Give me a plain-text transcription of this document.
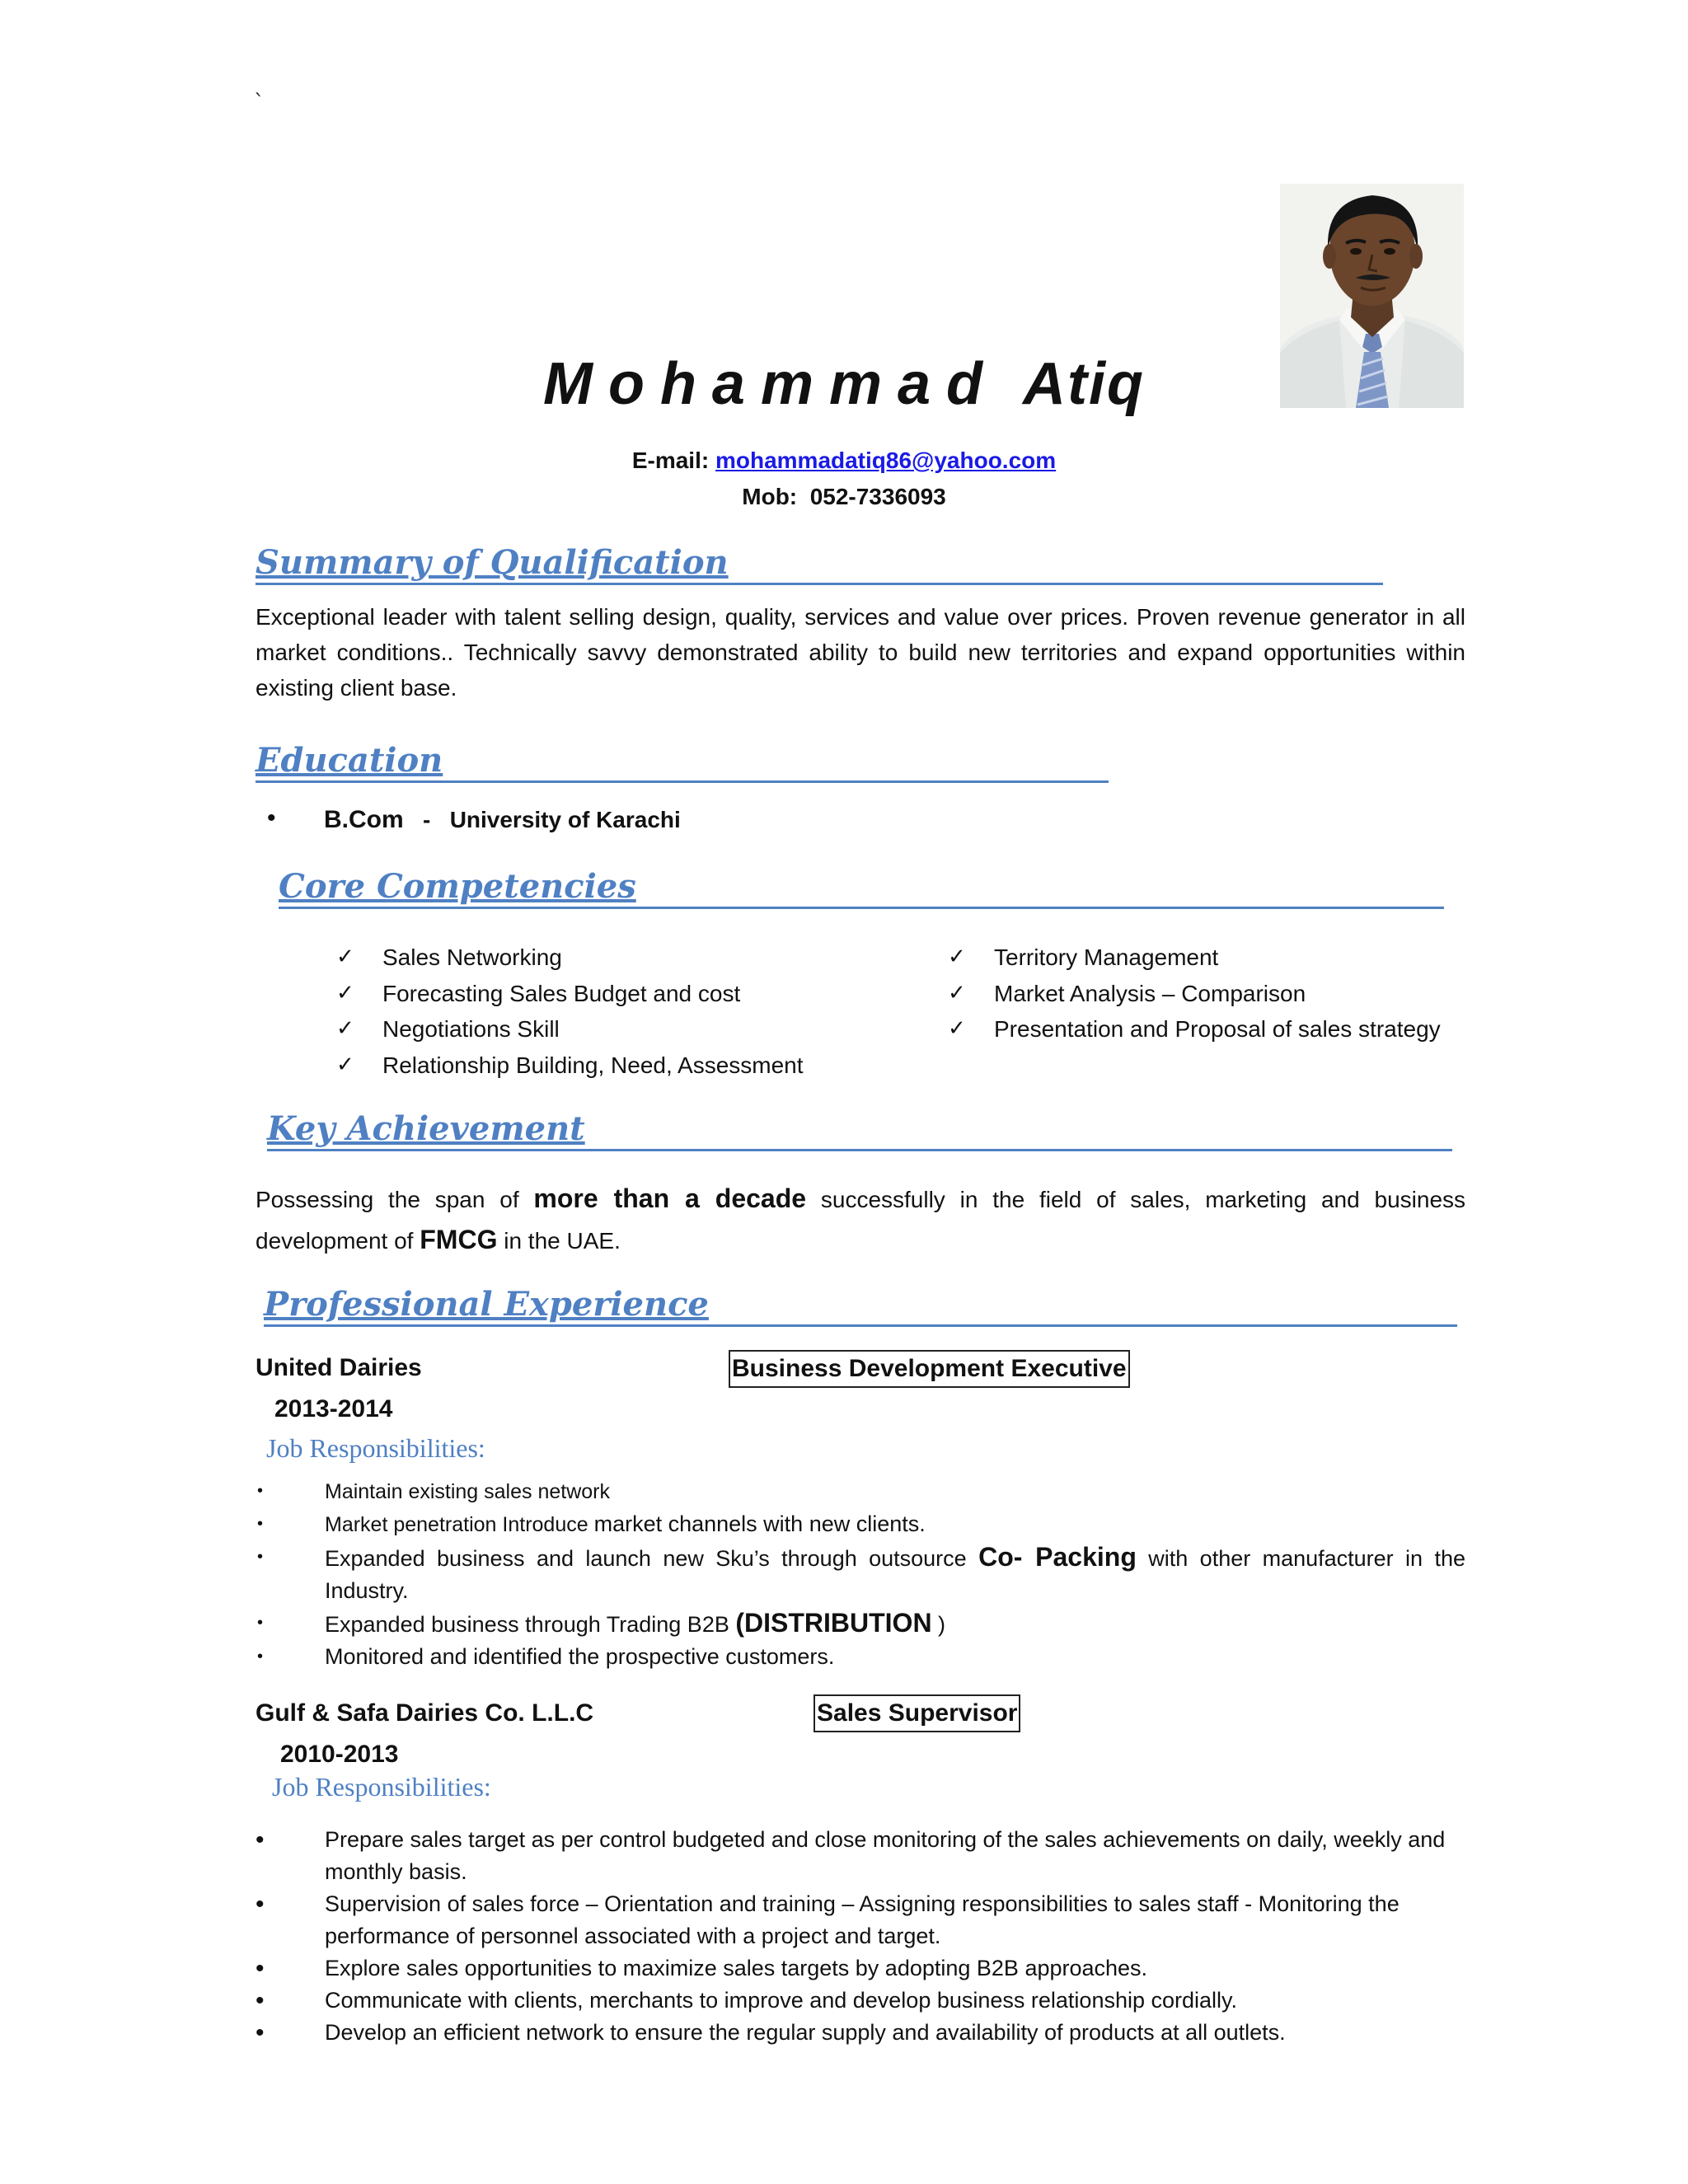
`
Mohammad Atiq
E-mail: mohammadatiq86@yahoo.com
Mob: 052-7336093
Summary of Qualification
Exceptional leader with talent selling design, quality, services and value over prices. Proven revenue generator in all market conditions.. Technically savvy demonstrated ability to build new territories and expand opportunities within existing client base.
Education
• B.Com - University of Karachi
Core Competencies
✓	Sales Networking
✓	Forecasting Sales Budget and cost
✓	Negotiations Skill
✓	Relationship Building, Need, Assessment
✓	Territory Management
✓	Market Analysis – Comparison
✓	Presentation and Proposal of sales strategy
Key Achievement
Possessing the span of more than a decade successfully in the field of sales, marketing and business development of FMCG in the UAE.
Professional Experience
United Dairies	Business Development Executive
2013-2014
Job Responsibilities:
•	Maintain existing sales network
•	Market penetration Introduce market channels with new clients.
•	Expanded business and launch new Sku’s through outsource Co- Packing with other manufacturer in the Industry.
•	Expanded business through Trading B2B (DISTRIBUTION )
•	Monitored and identified the prospective customers.
Gulf & Safa Dairies Co. L.L.C	Sales Supervisor
2010-2013
Job Responsibilities:
•	Prepare sales target as per control budgeted and close monitoring of the sales achievements on daily, weekly and monthly basis.
•	Supervision of sales force – Orientation and training – Assigning responsibilities to sales staff - Monitoring the performance of personnel associated with a project and target.
•	Explore sales opportunities to maximize sales targets by adopting B2B approaches.
•	Communicate with clients, merchants to improve and develop business relationship cordially.
•	Develop an efficient network to ensure the regular supply and availability of products at all outlets.
